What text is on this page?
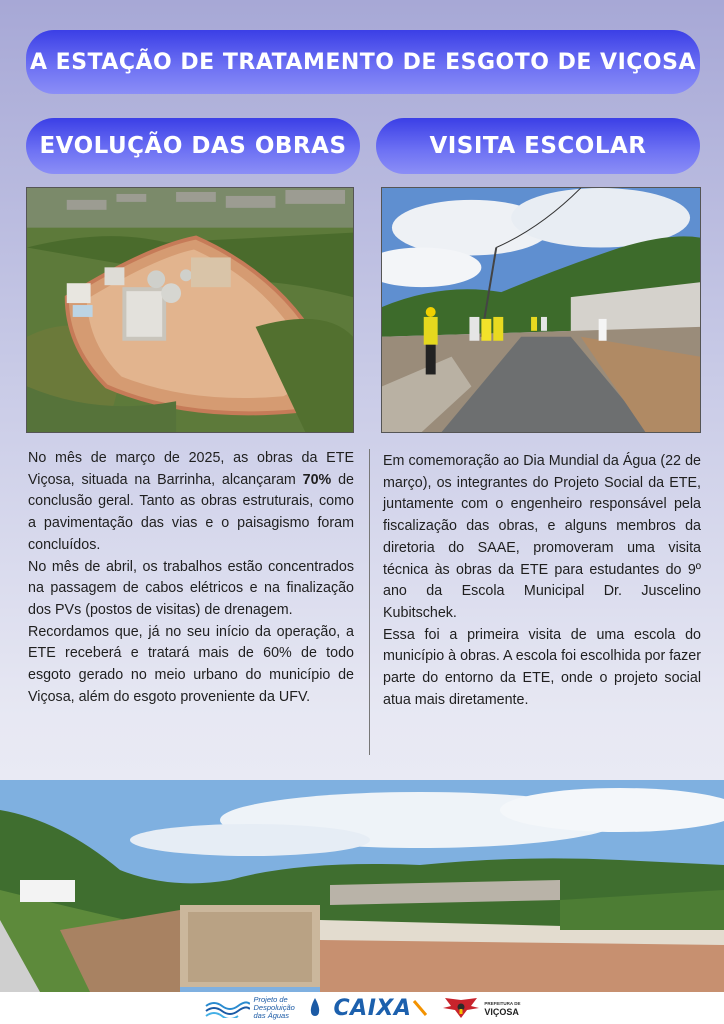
A ESTAÇÃO DE TRATAMENTO DE ESGOTO DE VIÇOSA
EVOLUÇÃO DAS OBRAS	VISITA ESCOLAR

No mês de março de 2025, as obras da ETE Viçosa, situada na Barrinha, alcançaram 70% de conclusão geral. Tanto as obras estruturais, como a pavimentação das vias e o paisagismo foram concluídos.

No mês de abril, os trabalhos estão concentrados na passagem de cabos elétricos e na finalização dos PVs (postos de visitas) de drenagem.

Recordamos que, já no seu início da operação, a ETE receberá e tratará mais de 60% de todo esgoto gerado no meio urbano do município de Viçosa, além do esgoto proveniente da UFV.

Em comemoração ao Dia Mundial da Água (22 de março), os integrantes do Projeto Social da ETE, juntamente com o engenheiro responsável pela fiscalização das obras, e alguns membros da diretoria do SAAE, promoveram uma visita técnica às obras da ETE para estudantes do 9º ano da Escola Municipal Dr. Juscelino Kubitschek.

Essa foi a primeira visita de uma escola do município à obras. A escola foi escolhida por fazer parte do entorno da ETE, onde o projeto social atua mais diretamente.

Projeto de Despoluição das Águas	CAIXA	PREFEITURA DE
VIÇOSA
